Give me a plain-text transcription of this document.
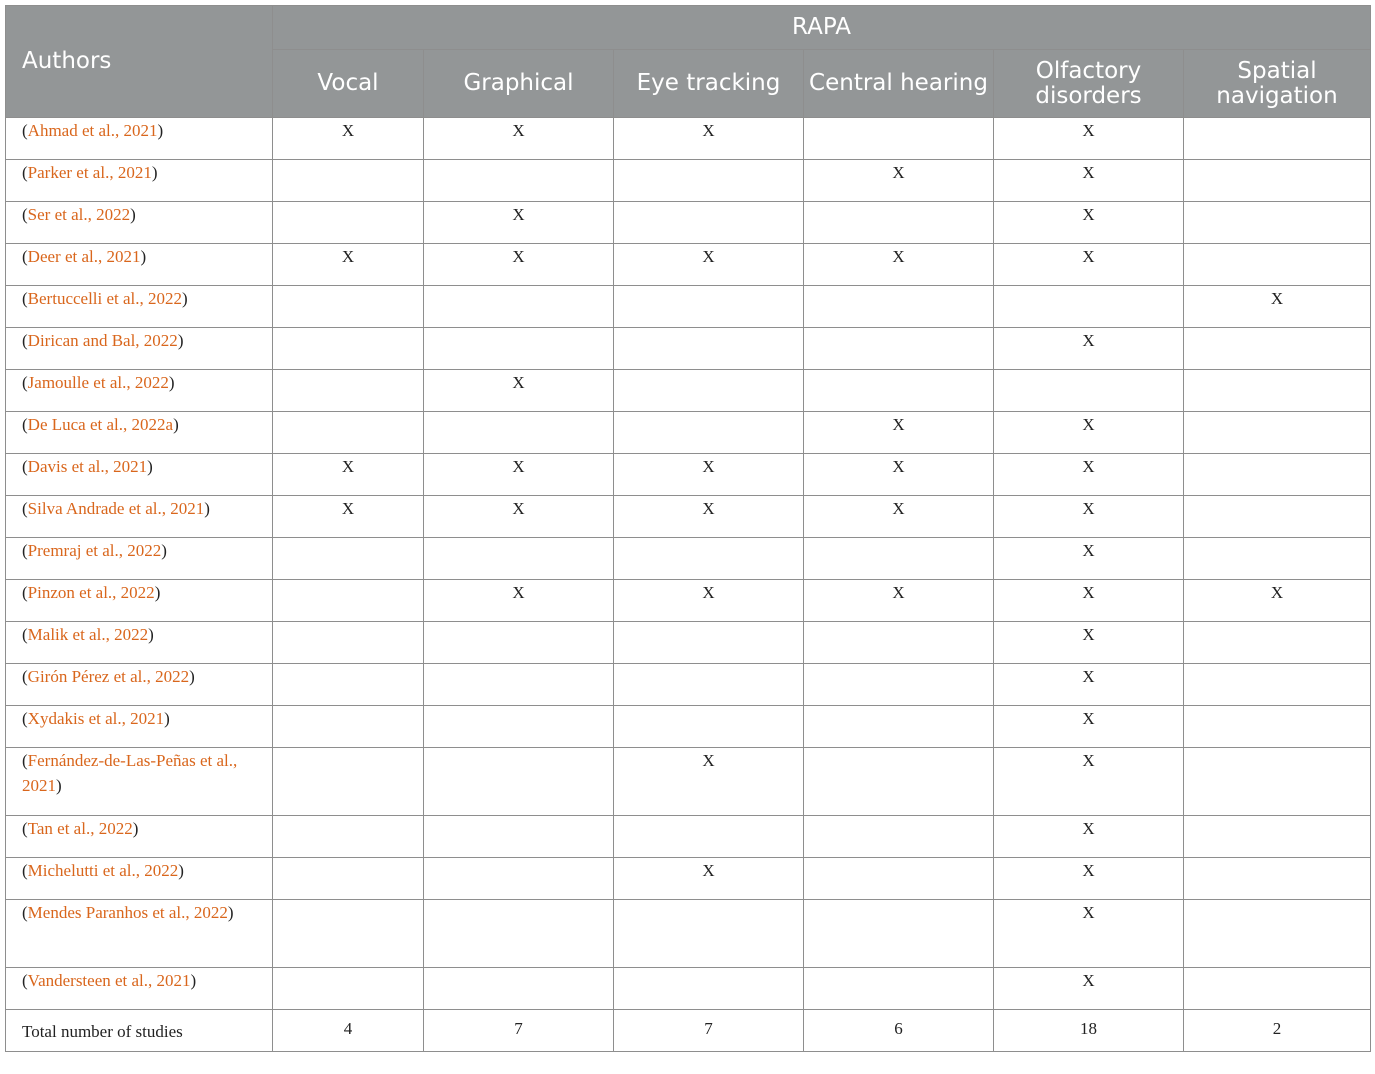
Authors	RAPA					
	Vocal	Graphical	Eye tracking	Central hearing	Olfactory disorders	Spatial navigation
(Ahmad et al., 2021)	X	X	X		X	
(Parker et al., 2021)				X	X	
(Ser et al., 2022)		X			X	
(Deer et al., 2021)	X	X	X	X	X	
(Bertuccelli et al., 2022)						X
(Dirican and Bal, 2022)					X	
(Jamoulle et al., 2022)		X				
(De Luca et al., 2022a)				X	X	
(Davis et al., 2021)	X	X	X	X	X	
(Silva Andrade et al., 2021)	X	X	X	X	X	
(Premraj et al., 2022)					X	
(Pinzon et al., 2022)		X	X	X	X	X
(Malik et al., 2022)					X	
(Girón Pérez et al., 2022)					X	
(Xydakis et al., 2021)					X	
(Fernández-de-Las-Peñas et al., 2021)			X		X	
(Tan et al., 2022)					X	
(Michelutti et al., 2022)			X		X	
(Mendes Paranhos et al., 2022)					X	
(Vandersteen et al., 2021)					X	
Total number of studies	4	7	7	6	18	2
